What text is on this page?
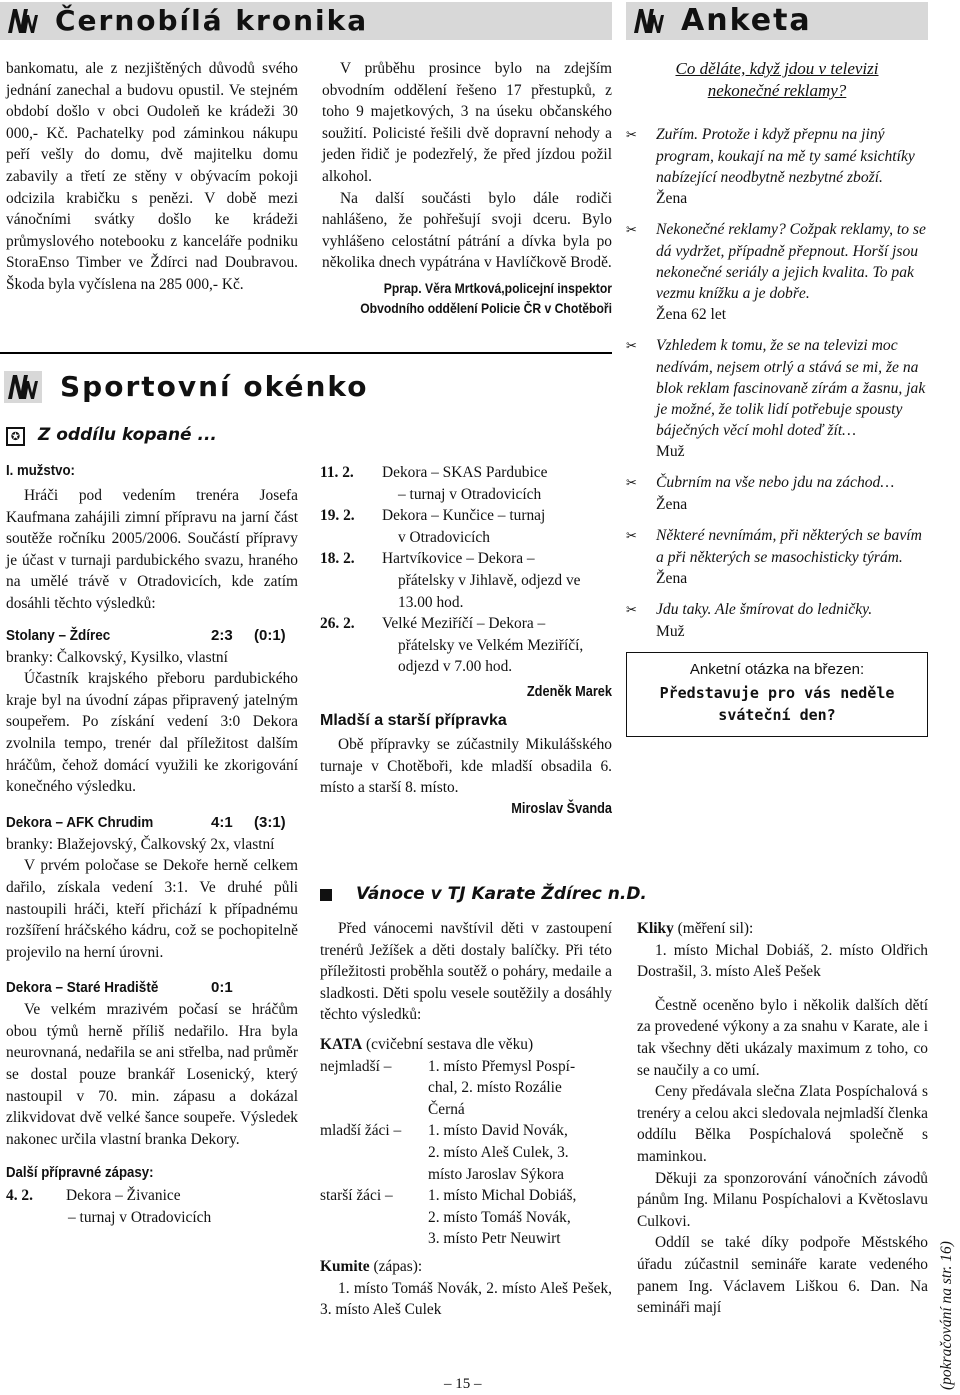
Černobílá kronika	Anketa

bankomatu, ale z nezjištěných důvodů svého jednání zanechal a budovu opustil. Ve stejném období došlo v obci Oudoleň ke krádeži 30 000,- Kč. Pachatelky pod záminkou nákupu peří vešly do domu, dvě majitelku domu zabavily a třetí ze stěny v obývacím pokoji odcizila krabičku s penězi. V době mezi vánočními svátky došlo ke krádeži průmyslového notebooku z kanceláře podniku StoraEnso Timber ve Ždírci nad Doubravou. Škoda byla vyčíslena na 285 000,- Kč.

V průběhu prosince bylo na zdejším obvodním oddělení řešeno 17 přestupků, z toho 9 majetkových, 3 na úseku občanského soužití. Policisté řešili dvě dopravní nehody a jeden řidič je podezřelý, že před jízdou požil alkohol.

Na další součásti bylo dále rodiči nahlášeno, že pohřešují svoji dceru. Bylo vyhlášeno celostátní pátrání a dívka byla po několika dnech vypátrána v Havlíčkově Brodě.

Pprap. Věra Mrtková,policejní inspektor
Obvodního oddělení Policie ČR v Chotěboři
Sportovní okénko
✪ Z oddílu kopané ...
I. mužstvo:

Hráči pod vedením trenéra Josefa Kaufmana zahájili zimní přípravu na jarní část soutěže ročníku 2005/2006. Součástí přípravy je účast v turnaji pardubického svazu, hraného na umělé trávě v Otradovicích, kde zatím dosáhli těchto výsledků:

Stolany – Ždírec	2:3	(0:1)

branky: Čalkovský, Kysilko, vlastní

Účastník krajského přeboru pardubického kraje byl na úvodní zápas připravený jatelným soupeřem. Po získání vedení 3:0 Dekora zvolnila tempo, trenér dal příležitost dalším hráčům, čehož domácí využili ke zkorigování konečného výsledku.

Dekora – AFK Chrudim	4:1	(3:1)

branky: Blažejovský, Čalkovský 2x, vlastní

V prvém poločase se Dekoře herně celkem dařilo, získala vedení 3:1. Ve druhé půli nastoupili hráči, kteří přichází k případnému rozšíření hráčského kádru, což se pochopitelně projevilo na herní úrovni.

Dekora – Staré Hradiště	0:1

Ve velkém mrazivém počasí se hráčům obou týmů herně příliš nedařilo. Hra byla neurovnaná, nedařila se ani střelba, nad průměr se dostal pouze brankář Losenický, který nastoupil v 70. min. zápasu a dokázal zlikvidovat dvě velké šance soupeře. Výsledek nakonec určila vlastní branka Dekory.

Další přípravné zápasy:
4. 2.	Dekora – Živanice
– turnaj v Otradovicích
11. 2.	Dekora – SKAS Pardubice
– turnaj v Otradovicích

19. 2.	Dekora – Kunčice – turnaj
v Otradovicích

18. 2.	Hartvíkovice – Dekora –
přátelsky v Jihlavě, odjezd ve
13.00 hod.

26. 2.	Velké Meziříčí – Dekora –
přátelsky ve Velkém Meziříčí,
odjezd v 7.00 hod.
Zdeněk Marek
Mladší a starší přípravka

Obě přípravky se zúčastnily Mikulášského turnaje v Chotěboři, kde mladší obsadila 6. místo a starší 8. místo.

Miroslav Švanda
Vánoce v TJ Karate Ždírec n.D.

Před vánocemi navštívil děti v zastoupení trenérů Ježíšek a děti dostaly balíčky. Při této příležitosti proběhla soutěž o poháry, medaile a sladkosti. Děti spolu vesele soutěžily a dosáhly těchto výsledků:

KATA (cvičební sestava dle věku)

nejmladší –	1. místo Přemysl Pospí-
chal, 2. místo Rozálie
Černá

mladší žáci –	1. místo David Novák,
2. místo Aleš Culek, 3.
místo Jaroslav Sýkora

starší žáci –	1. místo Michal Dobiáš,
2. místo Tomáš Novák,
3. místo Petr Neuwirt

Kumite (zápas):

1. místo Tomáš Novák, 2. místo Aleš Pešek, 3. místo Aleš Culek

Kliky (měření sil):

1. místo Michal Dobiáš, 2. místo Oldřich Dostrašil, 3. místo Aleš Pešek

Čestně oceněno bylo i několik dalších dětí za provedené výkony a za snahu v Karate, ale i tak všechny děti ukázaly maximum z toho, co se naučily a co umí.

Ceny předávala slečna Zlata Pospíchalová s trenéry a celou akci sledovala nejmladší členka oddílu Bělka Pospíchalová společně s maminkou.

Děkuji za sponzorování vánočních závodů pánům Ing. Milanu Pospíchalovi a Květoslavu Culkovi.

Oddíl se také díky podpoře Městského úřadu zúčastnil semináře karate vedeného panem Ing. Václavem Liškou 6. Dan. Na semináři mají	(pokračování na str. 16)
Co děláte, když jdou v televizi nekonečné reklamy?
✂ Zuřím. Protože i když přepnu na jiný program, koukají na mě ty samé ksichtíky nabízející neodbytně nezbytné zboží.
Žena
✂ Nekonečné reklamy? Cožpak reklamy, to se dá vydržet, případně přepnout. Horší jsou nekonečné seriály a jejich kvalita. To pak vezmu knížku a je dobře.
Žena 62 let
✂ Vzhledem k tomu, že se na televizi moc nedívám, nejsem otrlý a stává se mi, že na blok reklam fascinovaně zírám a žasnu, jak je možné, že tolik lidí potřebuje spousty báječných věcí mohl doteď žít…
Muž
✂ Čubrním na vše nebo jdu na záchod…
Žena
✂ Některé nevnímám, při některých se bavím a při některých se masochisticky týrám.
Žena
✂ Jdu taky. Ale šmírovat do ledničky.
Muž
Anketní otázka na březen:
Představuje pro vás neděle sváteční den?
– 15 –
